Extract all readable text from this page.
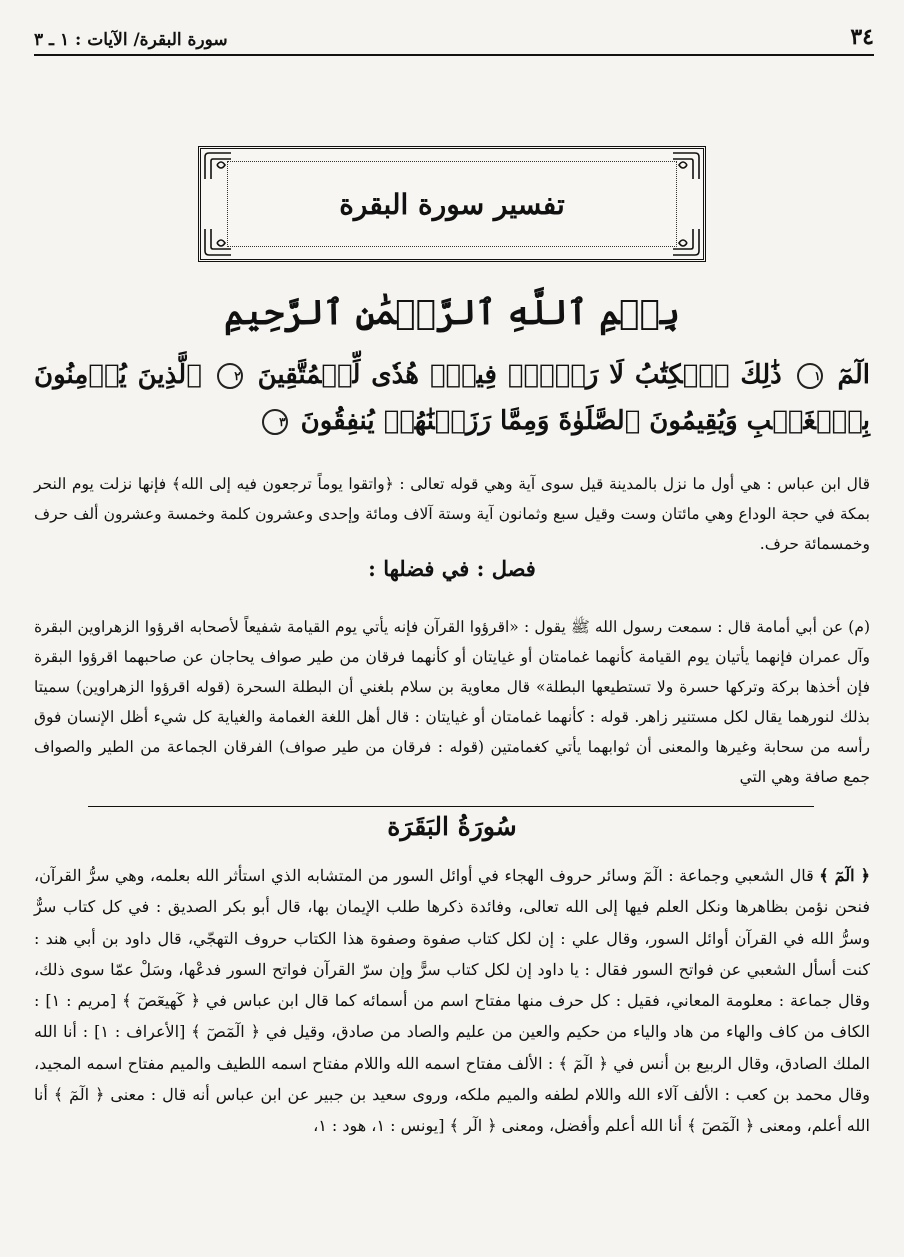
٣٤
سورة البقرة/ الآيات : ١ ـ ٣
تفسير سورة البقرة
بِسۡمِ ٱللَّهِ ٱلرَّحۡمَٰنِ ٱلرَّحِيمِ
الٓمٓ ١ ذَٰلِكَ ٱلۡكِتَٰبُ لَا رَيۡبَۛ فِيهِۛ هُدٗى لِّلۡمُتَّقِينَ ٢ ٱلَّذِينَ يُؤۡمِنُونَ بِٱلۡغَيۡبِ وَيُقِيمُونَ ٱلصَّلَوٰةَ وَمِمَّا رَزَقۡنَٰهُمۡ يُنفِقُونَ ٣

قال ابن عباس : هي أول ما نزل بالمدينة قيل سوى آية وهي قوله تعالى : ﴿واتقوا يوماً ترجعون فيه إلى الله﴾ فإنها نزلت يوم النحر بمكة في حجة الوداع وهي مائتان وست وقيل سبع وثمانون آية وستة آلاف ومائة وإحدى وعشرون كلمة وخمسة وعشرون ألف حرف وخمسمائة حرف.

فصل : في فضلها :

(م) عن أبي أمامة قال : سمعت رسول الله ﷺ يقول : «اقرؤوا القرآن فإنه يأتي يوم القيامة شفيعاً لأصحابه اقرؤوا الزهراوين البقرة وآل عمران فإنهما يأتيان يوم القيامة كأنهما غمامتان أو غيايتان أو كأنهما فرقان من طير صواف يحاجان عن صاحبهما اقرؤوا البقرة فإن أخذها بركة وتركها حسرة ولا تستطيعها البطلة» قال معاوية بن سلام بلغني أن البطلة السحرة (قوله اقرؤوا الزهراوين) سميتا بذلك لنورهما يقال لكل مستنير زاهر. قوله : كأنهما غمامتان أو غيايتان : قال أهل اللغة الغمامة والغياية كل شيء أظل الإنسان فوق رأسه من سحابة وغيرها والمعنى أن ثوابهما يأتي كغمامتين (قوله : فرقان من طير صواف) الفرقان الجماعة من الطير والصواف جمع صافة وهي التي

سُورَةُ البَقَرَة

﴿ الٓمٓ ﴾ قال الشعبي وجماعة : الٓمٓ وسائر حروف الهجاء في أوائل السور من المتشابه الذي استأثر الله بعلمه، وهي سرُّ القرآن، فنحن نؤمن بظاهرها ونكل العلم فيها إلى الله تعالى، وفائدة ذكرها طلب الإيمان بها، قال أبو بكر الصديق : في كل كتاب سرٌّ وسرُّ الله في القرآن أوائل السور، وقال علي : إن لكل كتاب صفوة وصفوة هذا الكتاب حروف التهجّي، قال داود بن أبي هند : كنت أسأل الشعبي عن فواتح السور فقال : يا داود إن لكل كتاب سرًّ وإن سرّ القرآن فواتح السور فدعْها، وسَلْ عمّا سوى ذلك، وقال جماعة : معلومة المعاني، فقيل : كل حرف منها مفتاح اسم من أسمائه كما قال ابن عباس في ﴿ كٓهيعٓصٓ ﴾ [مريم : ١] : الكاف من كاف والهاء من هاد والياء من حكيم والعين من عليم والصاد من صادق، وقيل في ﴿ الٓمٓصٓ ﴾ [الأعراف : ١] : أنا الله الملك الصادق، وقال الربيع بن أنس في ﴿ الٓمٓ ﴾ : الألف مفتاح اسمه الله واللام مفتاح اسمه اللطيف والميم مفتاح اسمه المجيد، وقال محمد بن كعب : الألف آلاء الله واللام لطفه والميم ملكه، وروى سعيد بن جبير عن ابن عباس أنه قال : معنى ﴿ الٓمٓ ﴾ أنا الله أعلم، ومعنى ﴿ الٓمٓصٓ ﴾ أنا الله أعلم وأفضل، ومعنى ﴿ الٓر ﴾ [يونس : ١، هود : ١،
